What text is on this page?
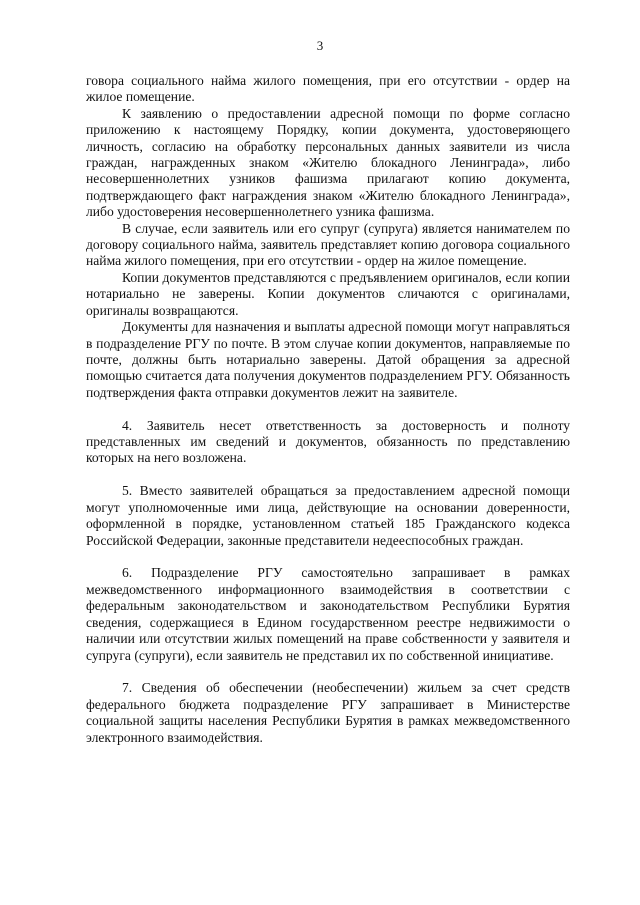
3

говора социального найма жилого помещения, при его отсутствии - ордер на жилое помещение.

К заявлению о предоставлении адресной помощи по форме согласно приложению к настоящему Порядку, копии документа, удостоверяющего личность, согласию на обработку персональных данных заявители из числа граждан, награжденных знаком «Жителю блокадного Ленинграда», либо несовершеннолетних узников фашизма прилагают копию документа, подтверждающего факт награждения знаком «Жителю блокадного Ленинграда», либо удостоверения несовершеннолетнего узника фашизма.

В случае, если заявитель или его супруг (супруга) является нанимателем по договору социального найма, заявитель представляет копию договора социального найма жилого помещения, при его отсутствии - ордер на жилое помещение.

Копии документов представляются с предъявлением оригиналов, если копии нотариально не заверены. Копии документов сличаются с оригиналами, оригиналы возвращаются.

Документы для назначения и выплаты адресной помощи могут направляться в подразделение РГУ по почте. В этом случае копии документов, направляемые по почте, должны быть нотариально заверены. Датой обращения за адресной помощью считается дата получения документов подразделением РГУ. Обязанность подтверждения факта отправки документов лежит на заявителе.

4. Заявитель несет ответственность за достоверность и полноту представленных им сведений и документов, обязанность по представлению которых на него возложена.

5. Вместо заявителей обращаться за предоставлением адресной помощи могут уполномоченные ими лица, действующие на основании доверенности, оформленной в порядке, установленном статьей 185 Гражданского кодекса Российской Федерации, законные представители недееспособных граждан.

6. Подразделение РГУ самостоятельно запрашивает в рамках межведомственного информационного взаимодействия в соответствии с федеральным законодательством и законодательством Республики Бурятия сведения, содержащиеся в Едином государственном реестре недвижимости о наличии или отсутствии жилых помещений на праве собственности у заявителя и супруга (супруги), если заявитель не представил их по собственной инициативе.

7. Сведения об обеспечении (необеспечении) жильем за счет средств федерального бюджета подразделение РГУ запрашивает в Министерстве социальной защиты населения Республики Бурятия в рамках межведомственного электронного взаимодействия.
